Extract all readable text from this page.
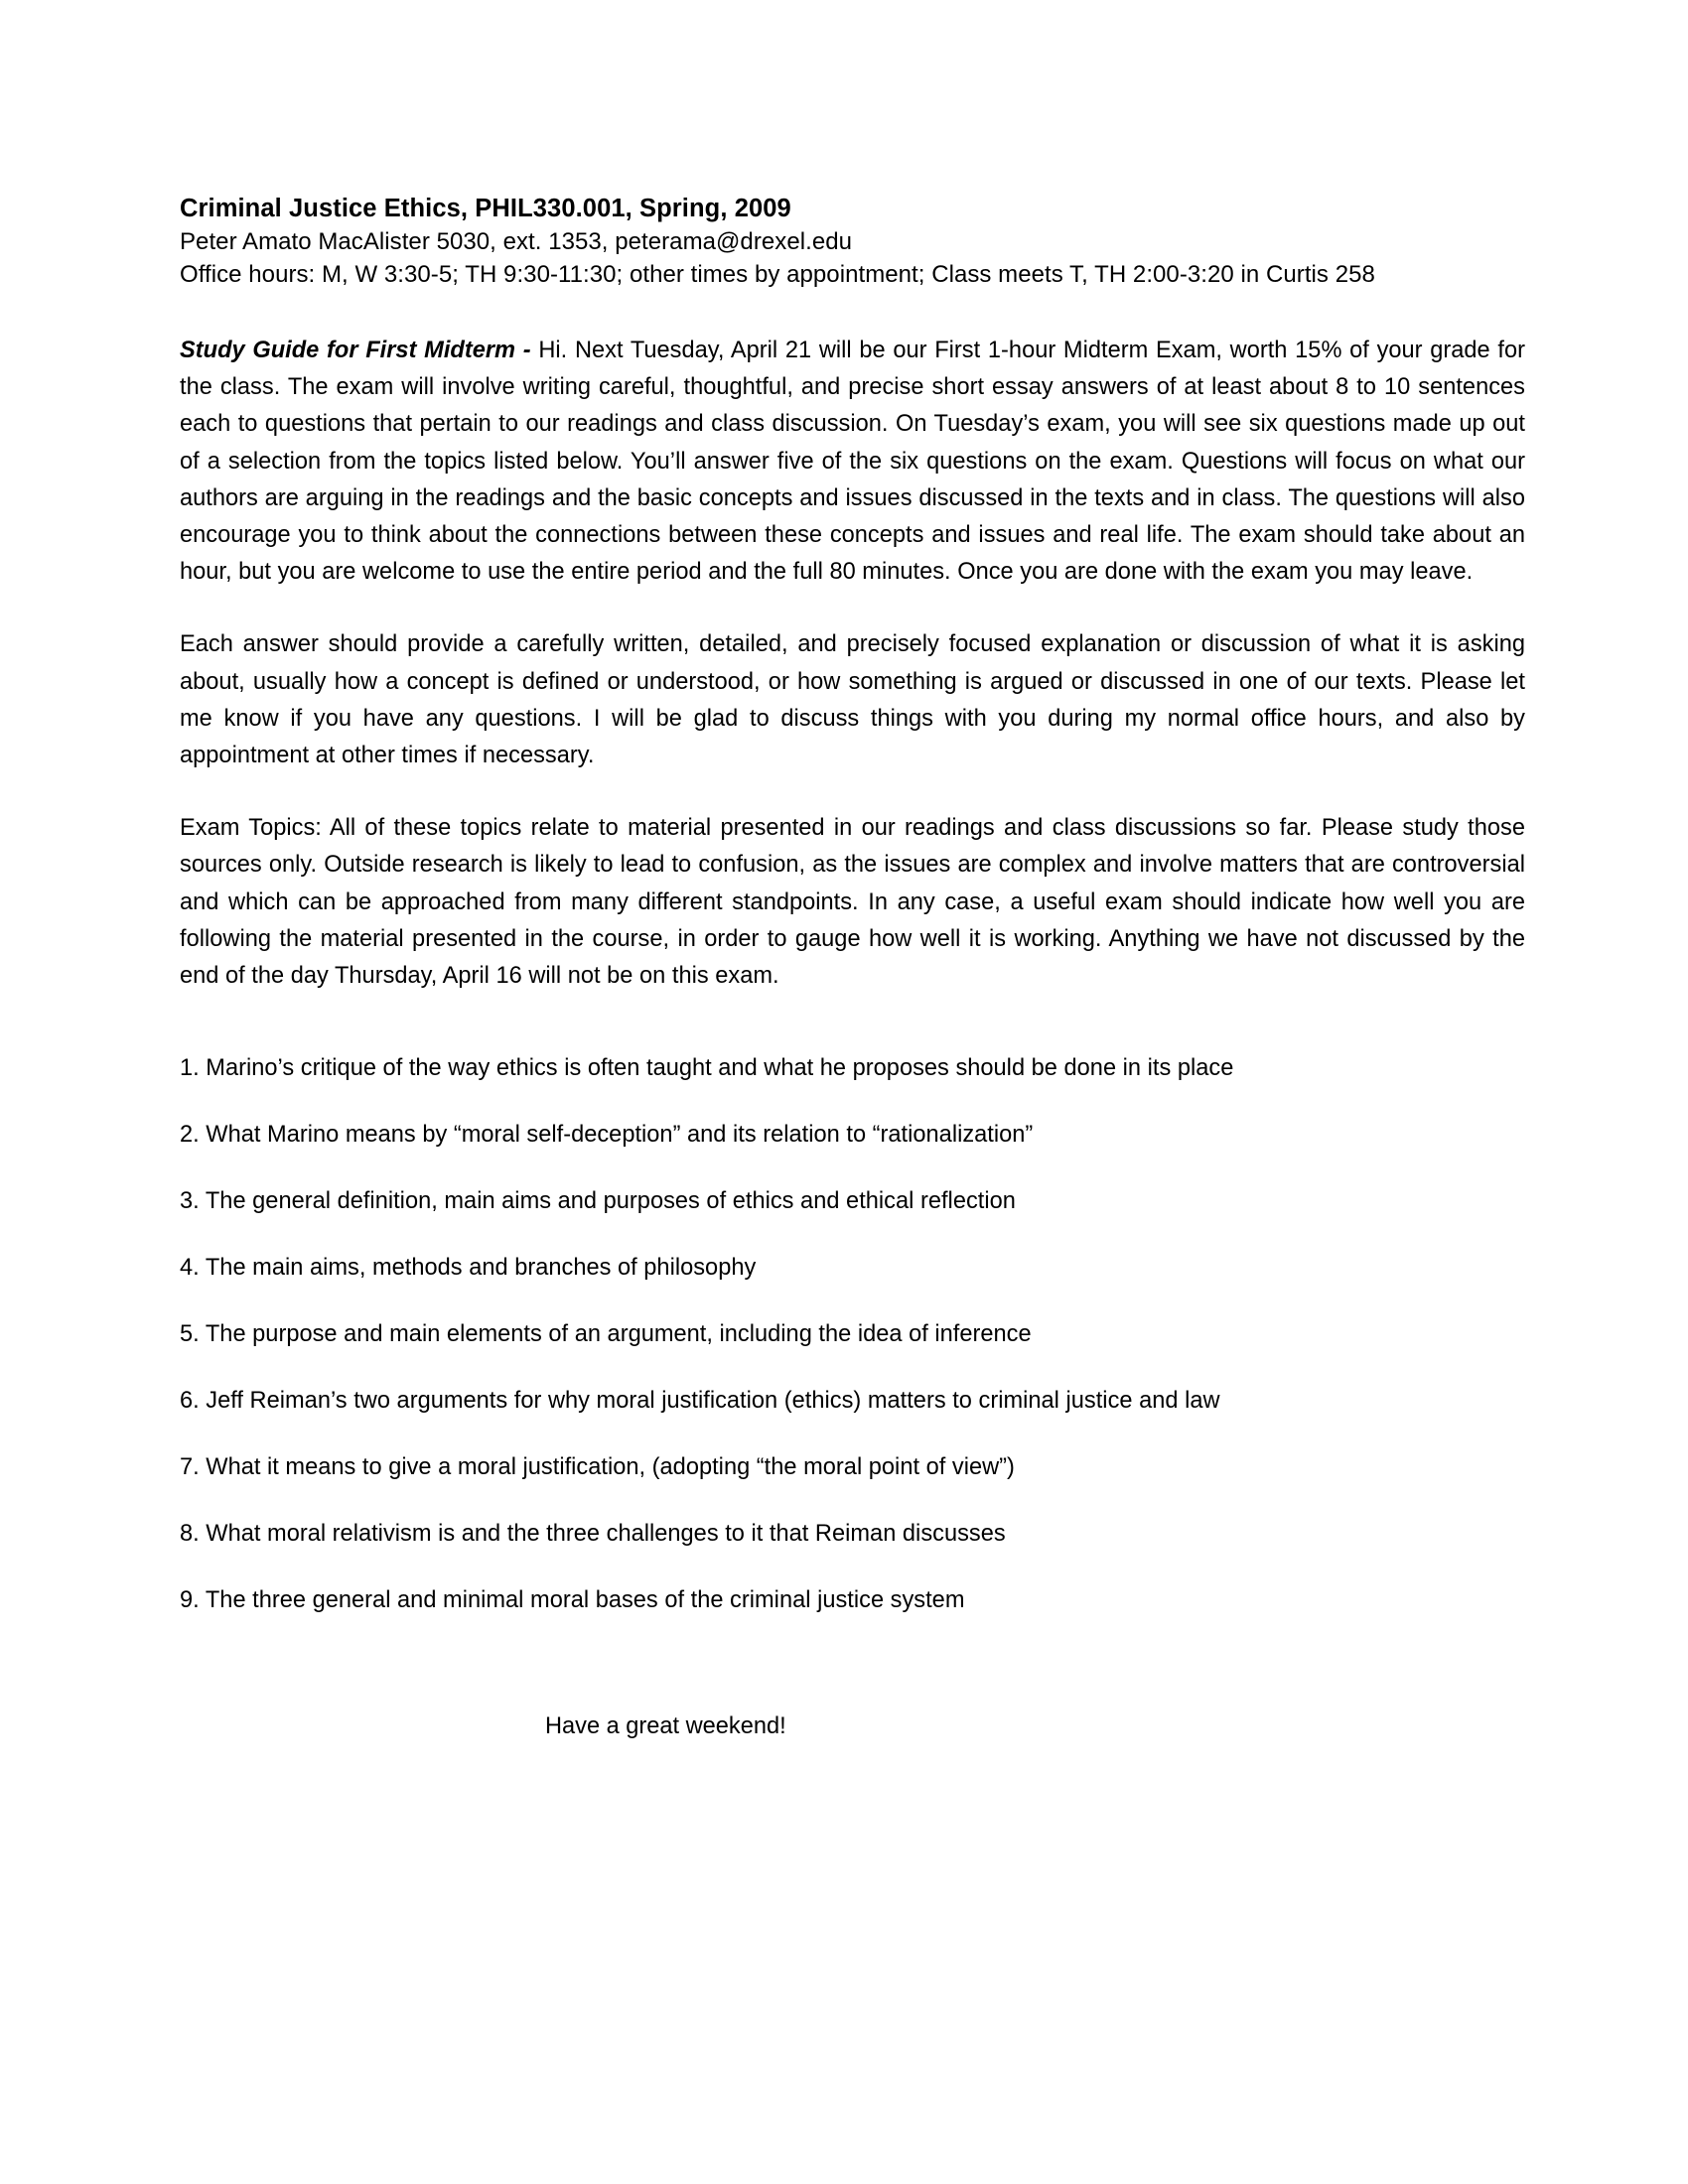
Criminal Justice Ethics, PHIL330.001, Spring, 2009

Peter Amato MacAlister 5030, ext. 1353, peterama@drexel.edu

Office hours: M, W 3:30-5; TH 9:30-11:30; other times by appointment; Class meets T, TH 2:00-3:20 in Curtis 258

Study Guide for First Midterm - Hi. Next Tuesday, April 21 will be our First 1-hour Midterm Exam, worth 15% of your grade for the class. The exam will involve writing careful, thoughtful, and precise short essay answers of at least about 8 to 10 sentences each to questions that pertain to our readings and class discussion. On Tuesday’s exam, you will see six questions made up out of a selection from the topics listed below. You’ll answer five of the six questions on the exam. Questions will focus on what our authors are arguing in the readings and the basic concepts and issues discussed in the texts and in class. The questions will also encourage you to think about the connections between these concepts and issues and real life. The exam should take about an hour, but you are welcome to use the entire period and the full 80 minutes. Once you are done with the exam you may leave.

Each answer should provide a carefully written, detailed, and precisely focused explanation or discussion of what it is asking about, usually how a concept is defined or understood, or how something is argued or discussed in one of our texts. Please let me know if you have any questions. I will be glad to discuss things with you during my normal office hours, and also by appointment at other times if necessary.

Exam Topics: All of these topics relate to material presented in our readings and class discussions so far. Please study those sources only. Outside research is likely to lead to confusion, as the issues are complex and involve matters that are controversial and which can be approached from many different standpoints. In any case, a useful exam should indicate how well you are following the material presented in the course, in order to gauge how well it is working. Anything we have not discussed by the end of the day Thursday, April 16 will not be on this exam.

1. Marino’s critique of the way ethics is often taught and what he proposes should be done in its place
2. What Marino means by “moral self-deception” and its relation to “rationalization”
3. The general definition, main aims and purposes of ethics and ethical reflection
4. The main aims, methods and branches of philosophy
5. The purpose and main elements of an argument, including the idea of inference
6. Jeff Reiman’s two arguments for why moral justification (ethics) matters to criminal justice and law
7. What it means to give a moral justification, (adopting “the moral point of view”)
8. What moral relativism is and the three challenges to it that Reiman discusses
9. The three general and minimal moral bases of the criminal justice system

Have a great weekend!
